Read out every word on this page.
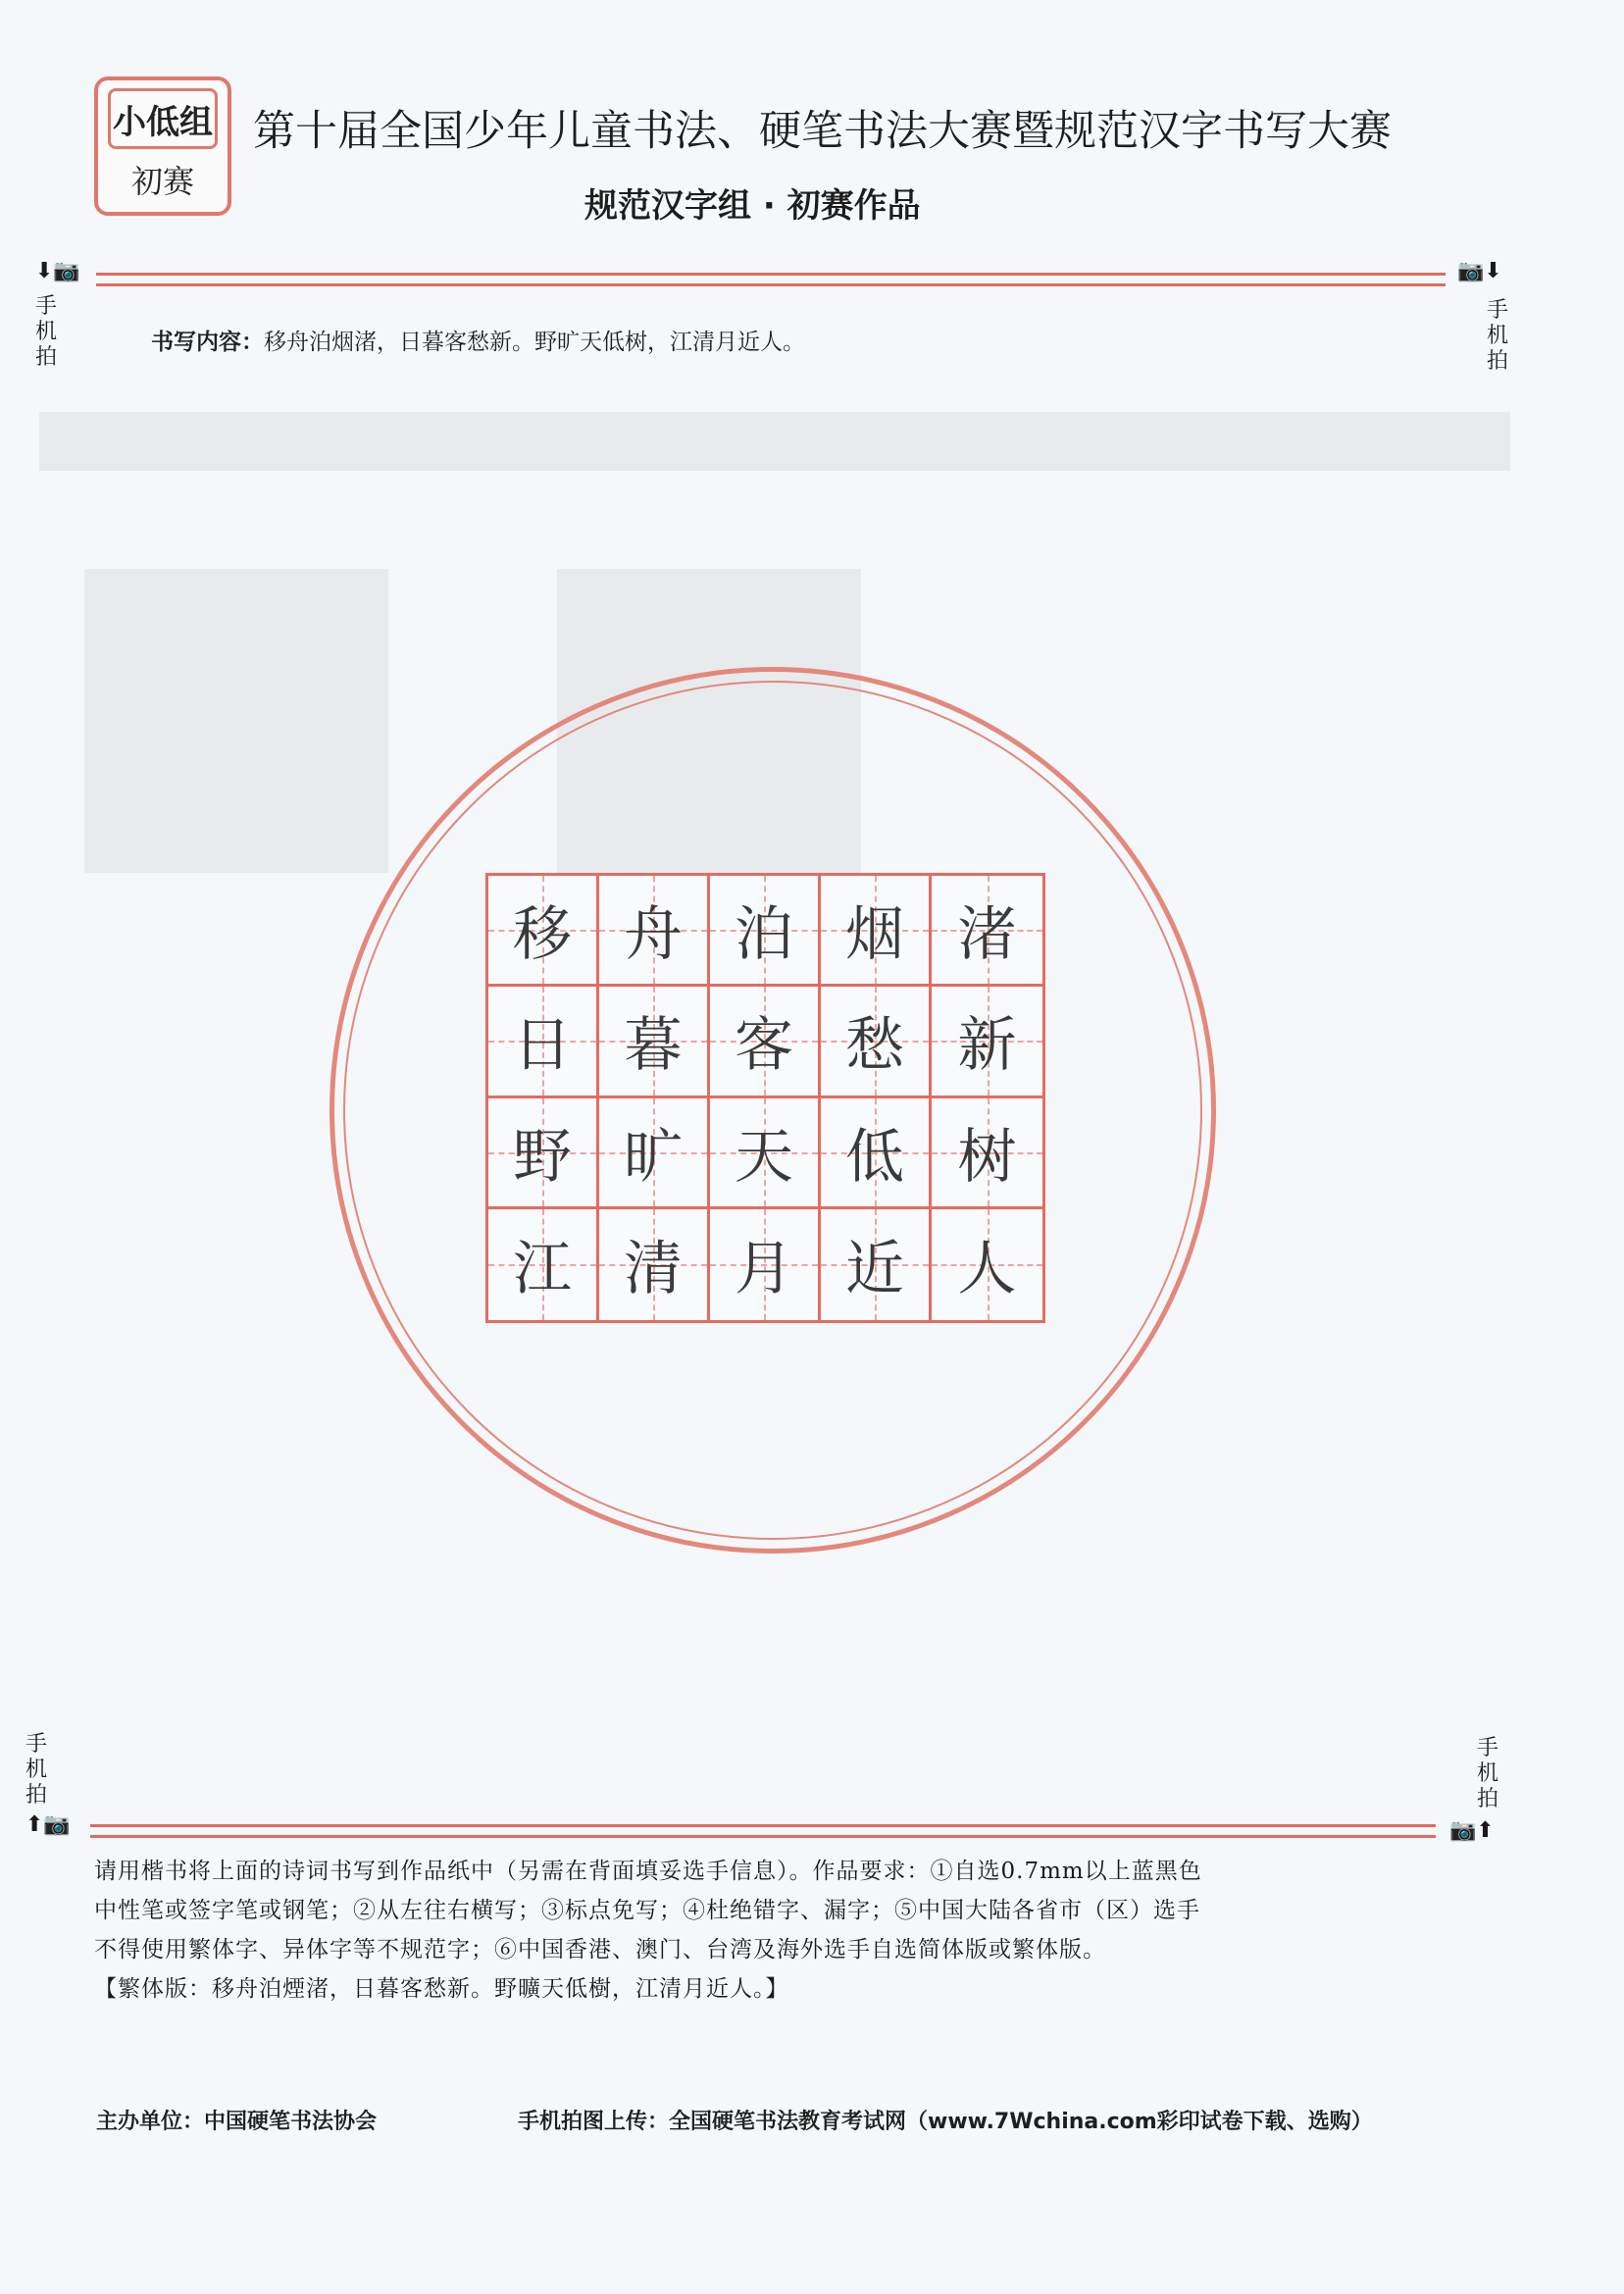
小低组
初赛
第十届全国少年儿童书法、硬笔书法大赛暨规范汉字书写大赛
规范汉字组 · 初赛作品
⬇📷
手机拍
📷⬇
手机拍
书写内容：移舟泊烟渚，日暮客愁新。野旷天低树，江清月近人。
移 舟 泊 烟 渚
日 暮 客 愁 新
野 旷 天 低 树
江 清 月 近 人
手机拍
⬆📷
手机拍
📷⬆

请用楷书将上面的诗词书写到作品纸中（另需在背面填妥选手信息）。作品要求：①自选0.7mm以上蓝黑色

中性笔或签字笔或钢笔；②从左往右横写；③标点免写；④杜绝错字、漏字；⑤中国大陆各省市（区）选手

不得使用繁体字、异体字等不规范字；⑥中国香港、澳门、台湾及海外选手自选简体版或繁体版。

【繁体版：移舟泊煙渚，日暮客愁新。野曠天低樹，江清月近人。】

主办单位：中国硬笔书法协会	手机拍图上传：全国硬笔书法教育考试网（www.7Wchina.com彩印试卷下载、选购）
